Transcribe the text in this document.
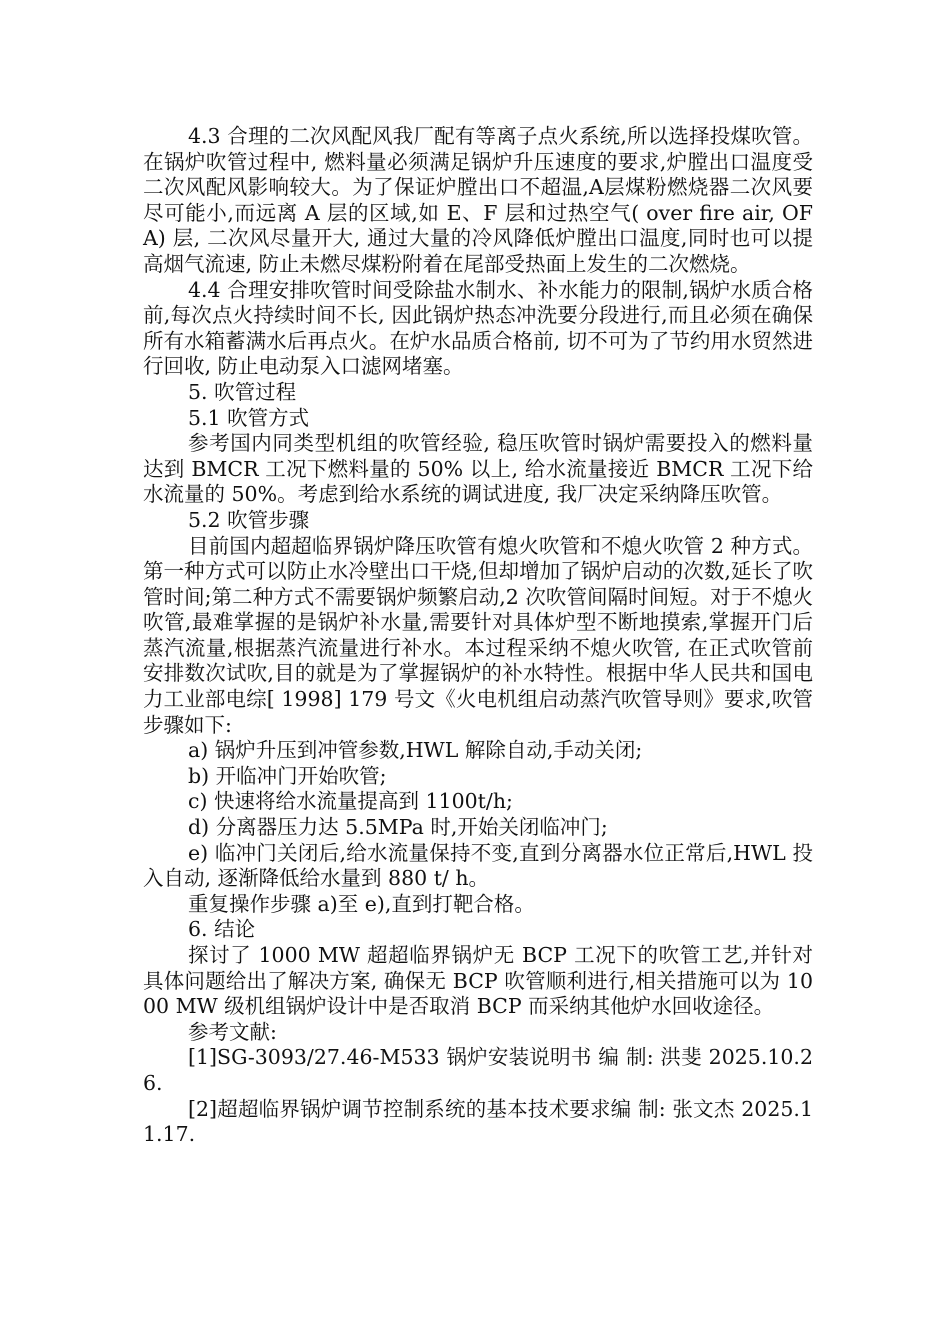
4.3 合理的二次风配风我厂配有等离子点火系统,所以选择投煤吹管。在锅炉吹管过程中, 燃料量必须满足锅炉升压速度的要求,炉膛出口温度受二次风配风影响较大。为了保证炉膛出口不超温,A层煤粉燃烧器二次风要尽可能小,而远离 A 层的区域,如 E、F 层和过热空气( over fire air, OFA) 层, 二次风尽量开大, 通过大量的冷风降低炉膛出口温度,同时也可以提高烟气流速, 防止未燃尽煤粉附着在尾部受热面上发生的二次燃烧。

4.4 合理安排吹管时间受除盐水制水、补水能力的限制,锅炉水质合格前,每次点火持续时间不长, 因此锅炉热态冲洗要分段进行,而且必须在确保所有水箱蓄满水后再点火。在炉水品质合格前, 切不可为了节约用水贸然进行回收, 防止电动泵入口滤网堵塞。

5. 吹管过程

5.1 吹管方式

参考国内同类型机组的吹管经验, 稳压吹管时锅炉需要投入的燃料量达到 BMCR 工况下燃料量的 50% 以上, 给水流量接近 BMCR 工况下给水流量的 50%。考虑到给水系统的调试进度, 我厂决定采纳降压吹管。

5.2 吹管步骤

目前国内超超临界锅炉降压吹管有熄火吹管和不熄火吹管 2 种方式。第一种方式可以防止水冷壁出口干烧,但却增加了锅炉启动的次数,延长了吹管时间;第二种方式不需要锅炉频繁启动,2 次吹管间隔时间短。对于不熄火吹管,最难掌握的是锅炉补水量,需要针对具体炉型不断地摸索,掌握开门后蒸汽流量,根据蒸汽流量进行补水。本过程采纳不熄火吹管, 在正式吹管前安排数次试吹,目的就是为了掌握锅炉的补水特性。根据中华人民共和国电力工业部电综[ 1998] 179 号文《火电机组启动蒸汽吹管导则》要求,吹管步骤如下:

a) 锅炉升压到冲管参数,HWL 解除自动,手动关闭;

b) 开临冲门开始吹管;

c) 快速将给水流量提高到 1100t/h;

d) 分离器压力达 5.5MPa 时,开始关闭临冲门;

e) 临冲门关闭后,给水流量保持不变,直到分离器水位正常后,HWL 投入自动, 逐渐降低给水量到 880 t/ h。

重复操作步骤 a)至 e),直到打靶合格。

6. 结论

探讨了 1000 MW 超超临界锅炉无 BCP 工况下的吹管工艺,并针对具体问题给出了解决方案, 确保无 BCP 吹管顺利进行,相关措施可以为 1000 MW 级机组锅炉设计中是否取消 BCP 而采纳其他炉水回收途径。

参考文献:

[1]SG-3093/27.46-M533 锅炉安装说明书 编 制: 洪斐 2025.10.26.

[2]超超临界锅炉调节控制系统的基本技术要求编 制: 张文杰 2025.11.17.
